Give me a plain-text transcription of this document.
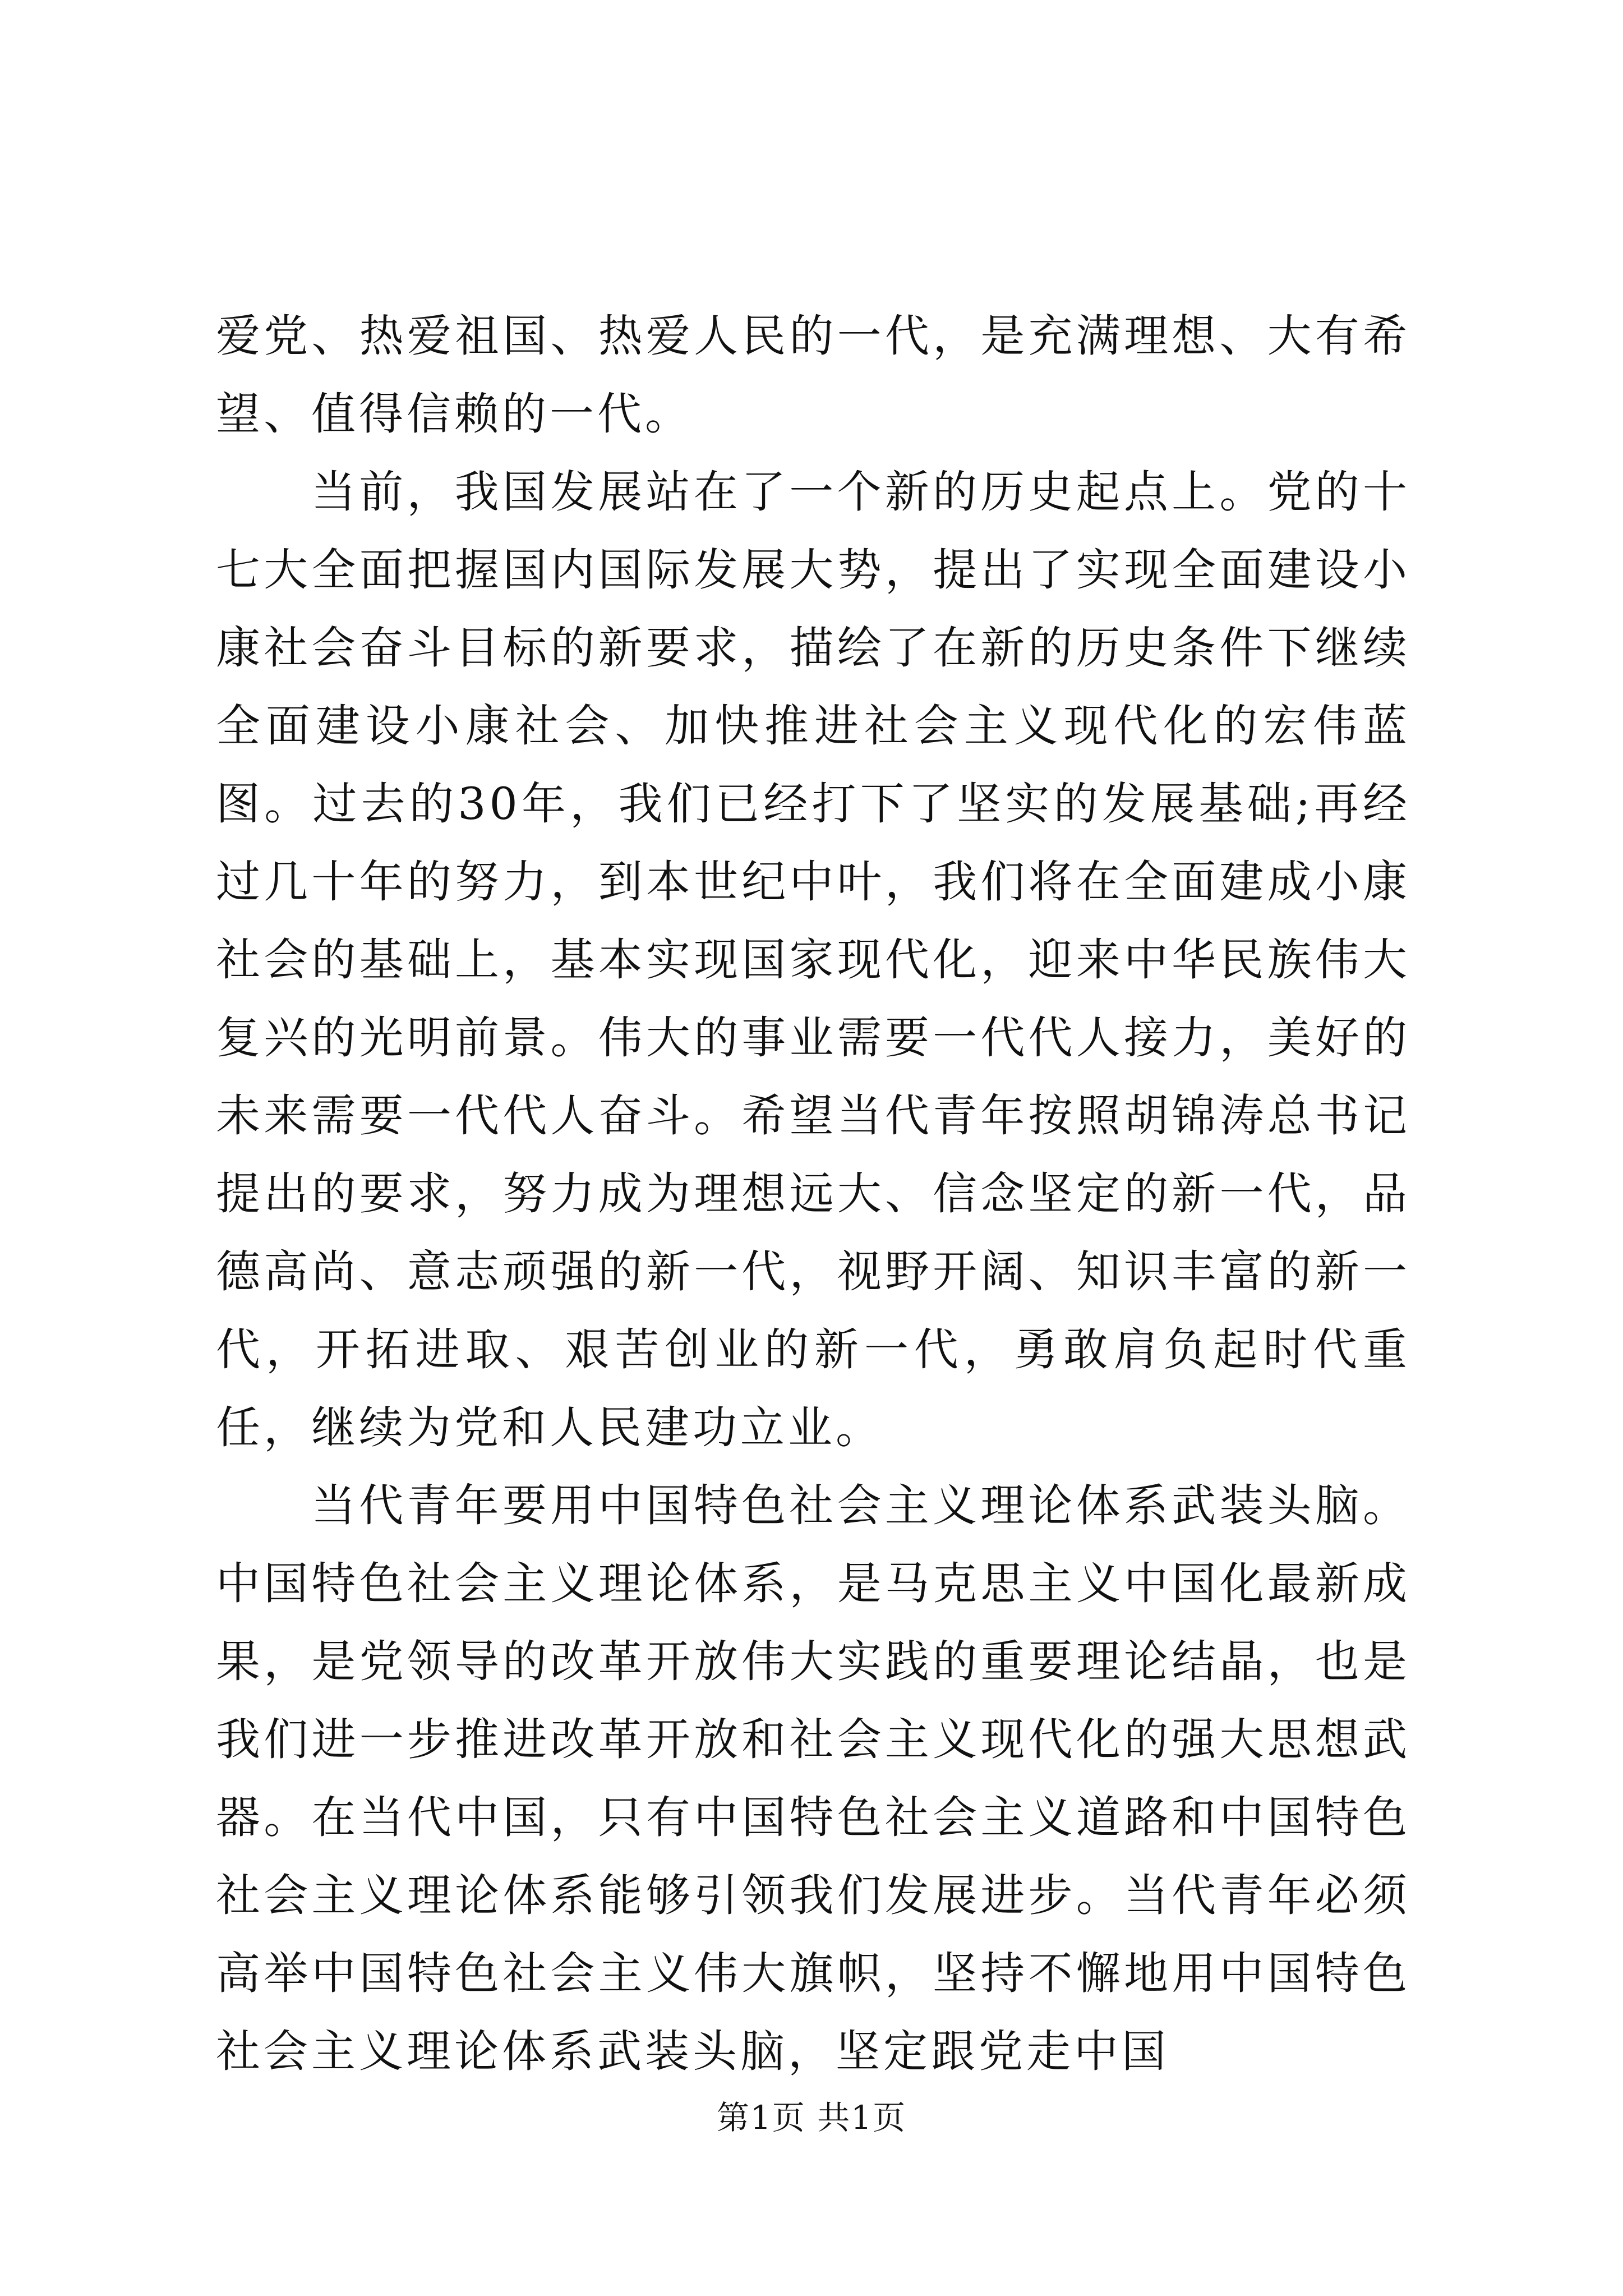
爱党、热爱祖国、热爱人民的一代，是充满理想、大有希望、值得信赖的一代。

当前，我国发展站在了一个新的历史起点上。党的十七大全面把握国内国际发展大势，提出了实现全面建设小康社会奋斗目标的新要求，描绘了在新的历史条件下继续全面建设小康社会、加快推进社会主义现代化的宏伟蓝图。过去的30年，我们已经打下了坚实的发展基础;再经过几十年的努力，到本世纪中叶，我们将在全面建成小康社会的基础上，基本实现国家现代化，迎来中华民族伟大复兴的光明前景。伟大的事业需要一代代人接力，美好的未来需要一代代人奋斗。希望当代青年按照胡锦涛总书记提出的要求，努力成为理想远大、信念坚定的新一代，品德高尚、意志顽强的新一代，视野开阔、知识丰富的新一代，开拓进取、艰苦创业的新一代，勇敢肩负起时代重任，继续为党和人民建功立业。

当代青年要用中国特色社会主义理论体系武装头脑。中国特色社会主义理论体系，是马克思主义中国化最新成果，是党领导的改革开放伟大实践的重要理论结晶，也是我们进一步推进改革开放和社会主义现代化的强大思想武器。在当代中国，只有中国特色社会主义道路和中国特色社会主义理论体系能够引领我们发展进步。当代青年必须高举中国特色社会主义伟大旗帜，坚持不懈地用中国特色社会主义理论体系武装头脑，坚定跟党走中国

第1页 共1页
